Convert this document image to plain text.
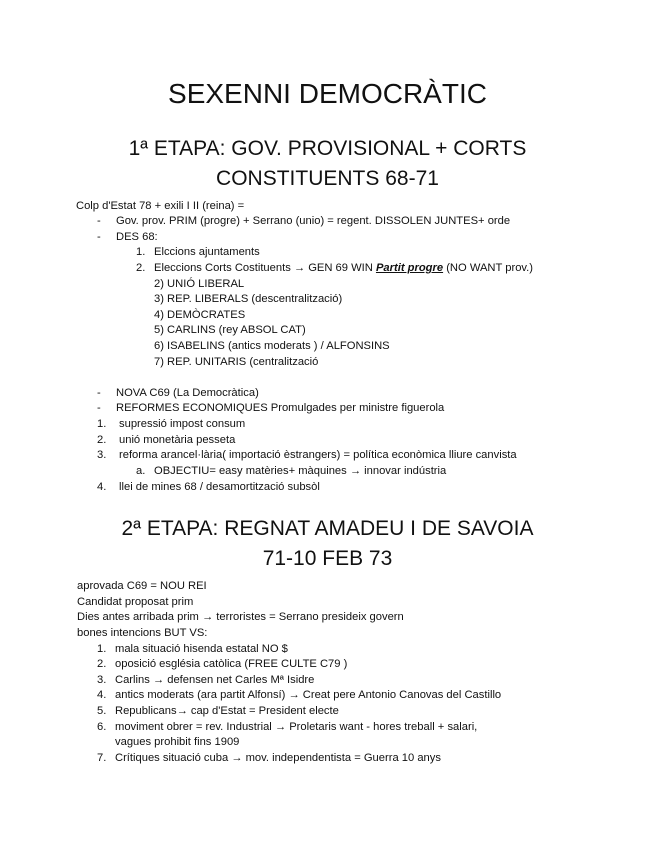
SEXENNI DEMOCRÀTIC
1ª ETAPA: GOV. PROVISIONAL + CORTS
CONSTITUENTS 68-71
Colp d'Estat 78 + exili I II (reina) =
- Gov. prov. PRIM (progre) + Serrano (unio) = regent. DISSOLEN JUNTES+ orde
- DES 68:
1. Elccions ajuntaments
2. Eleccions Corts Costituents → GEN 69 WIN Partit progre (NO WANT prov.)
2) UNIÓ LIBERAL
3) REP. LIBERALS (descentralització)
4) DEMÒCRATES
5) CARLINS (rey ABSOL CAT)
6) ISABELINS (antics moderats ) / ALFONSINS
7) REP. UNITARIS (centralització
- NOVA C69 (La Democràtica)
- REFORMES ECONOMIQUES Promulgades per ministre figuerola
1. supressió impost consum
2. unió monetària pesseta
3. reforma arancel·lària( importació èstrangers) = política econòmica lliure canvista
a. OBJECTIU= easy matèries+ màquines → innovar indústria
4. llei de mines 68 / desamortització subsòl
2ª ETAPA: REGNAT AMADEU I DE SAVOIA
71-10 FEB 73
aprovada C69 = NOU REI
Candidat proposat prim
Dies antes arribada prim → terroristes = Serrano presideix govern
bones intencions BUT VS:
1. mala situació hisenda estatal NO $
2. oposició església catòlica (FREE CULTE C79 )
3. Carlins → defensen net Carles Mª Isidre
4. antics moderats (ara partit Alfonsí) → Creat pere Antonio Canovas del Castillo
5. Republicans→ cap d'Estat = President electe
6. moviment obrer = rev. Industrial → Proletaris want - hores treball + salari,
vagues prohibit fins 1909
7. Crítiques situació cuba → mov. independentista = Guerra 10 anys
